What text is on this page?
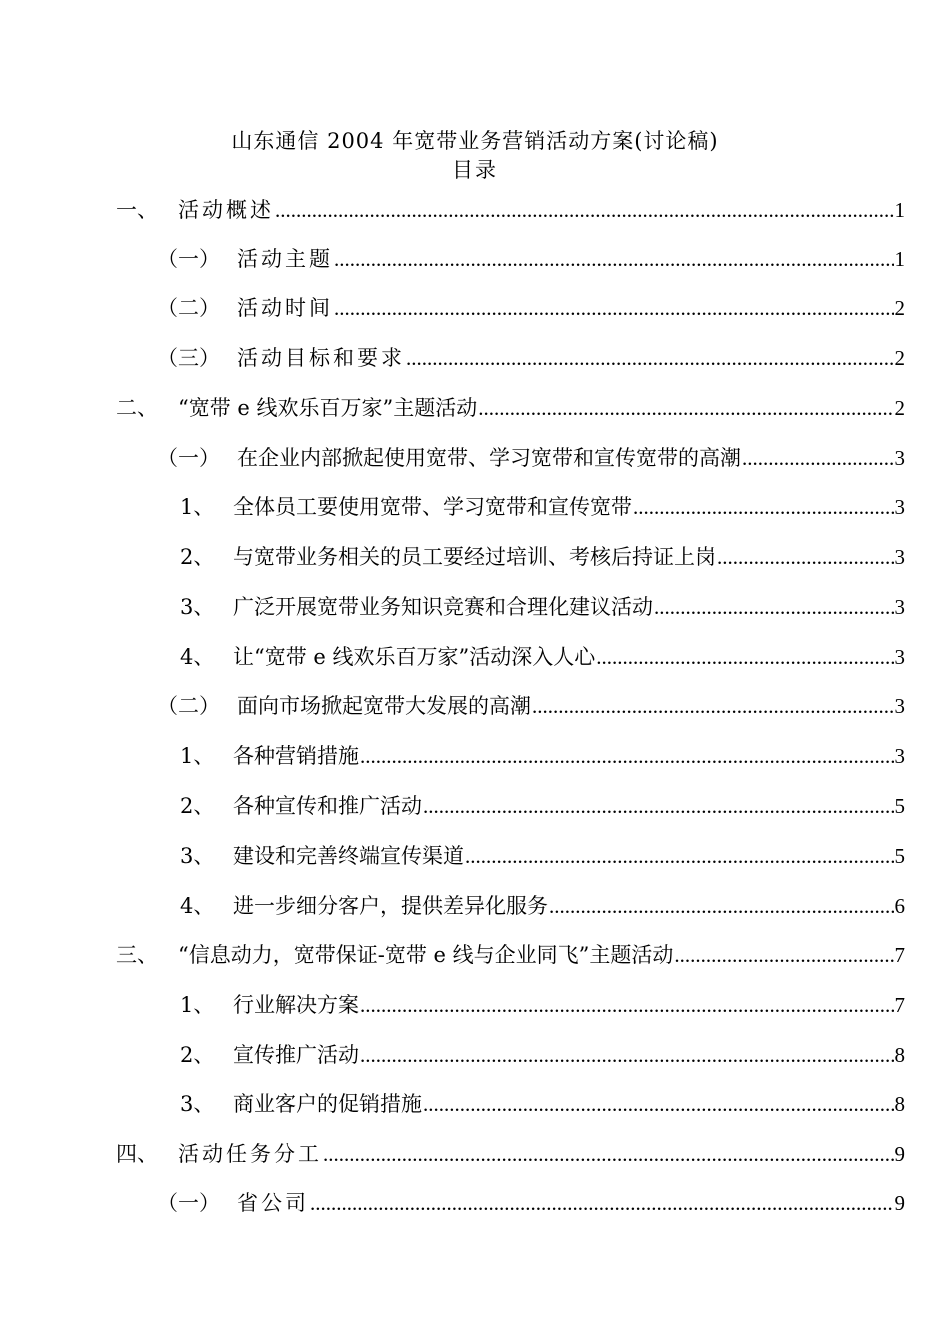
山东通信 2004 年宽带业务营销活动方案(讨论稿)
目录
一、 活动概述 .....	1
（一） 活动主题 .....	1
（二） 活动时间 .....	2
（三） 活动目标和要求 .....	2
二、 “宽带 e 线欢乐百万家”主题活动 .....	2
（一） 在企业内部掀起使用宽带、学习宽带和宣传宽带的高潮 .....	3
1、 全体员工要使用宽带、学习宽带和宣传宽带 .....	3
2、 与宽带业务相关的员工要经过培训、考核后持证上岗 .....	3
3、 广泛开展宽带业务知识竞赛和合理化建议活动 .....	3
4、 让“宽带 e 线欢乐百万家”活动深入人心 .....	3
（二） 面向市场掀起宽带大发展的高潮 .....	3
1、 各种营销措施 .....	3
2、 各种宣传和推广活动 .....	5
3、 建设和完善终端宣传渠道 .....	5
4、 进一步细分客户，提供差异化服务 .....	6
三、 “信息动力，宽带保证-宽带 e 线与企业同飞”主题活动 .....	7
1、 行业解决方案 .....	7
2、 宣传推广活动 .....	8
3、 商业客户的促销措施 .....	8
四、 活动任务分工 .....	9
（一） 省公司 .....	9
